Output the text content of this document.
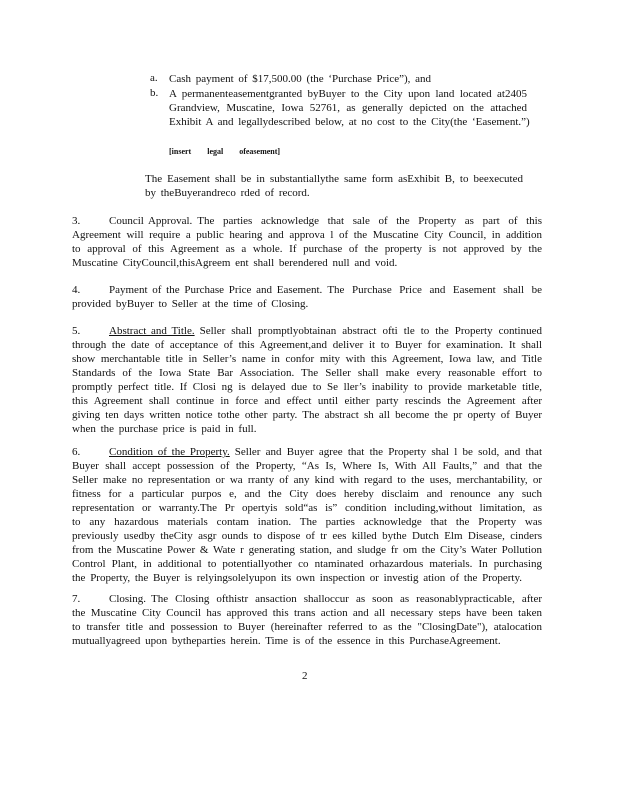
a. Cash payment of $17,500.00 (the ‘Purchase Price”), and
b. A permanenteasementgranted byBuyer to the City upon land located at2405
Grandview, Muscatine, Iowa 52761, as generally depicted on the attached
Exhibit A and legallydescribed below, at no cost to the City(the ‘Easement.”)
[insert legal ofeasement]
The Easement shall be in substantiallythe same form asExhibit B, to beexecuted
by theBuyerandreco rded of record.
3.	Council Approval. The parties acknowledge that sale of the Property as part of this
Agreement will require a public hearing and approva l of the Muscatine City Council, in addition
to approval of this Agreement as a whole. If purchase of the property is not approved by the
Muscatine CityCouncil,thisAgreem ent shall berendered null and void.
4.	Payment of the Purchase Price and Easement. The Purchase Price and Easement shall be
provided byBuyer to Seller at the time of Closing.
5.	Abstract and Title. Seller shall promptlyobtainan abstract ofti tle to the Property continued
through the date of acceptance of this Agreement,and deliver it to Buyer for examination. It shall
show merchantable title in Seller’s name in confor mity with this Agreement, Iowa law, and Title
Standards of the Iowa State Bar Association. The Seller shall make every reasonable effort to
promptly perfect title. If Closi ng is delayed due to Se ller’s inability to provide marketable title,
this Agreement shall continue in force and effect until either party rescinds the Agreement after
giving ten days written notice tothe other party. The abstract sh all become the pr operty of Buyer
when the purchase price is paid in full.
6.	Condition of the Property. Seller and Buyer agree that the Property shal l be sold, and that
Buyer shall accept possession of the Property, “As Is, Where Is, With All Faults,” and that the
Seller make no representation or wa rranty of any kind with regard to the uses, merchantability, or
fitness for a particular purpos e, and the City does hereby disclaim and renounce any such
representation or warranty.The Pr opertyis sold“as is” condition including,without limitation, as
to any hazardous materials contam ination. The parties acknowledge that the Property was
previously usedby theCity asgr ounds to dispose of tr ees killed bythe Dutch Elm Disease, cinders
from the Muscatine Power & Wate r generating station, and sludge fr om the City’s Water Pollution
Control Plant, in additional to potentiallyother co ntaminated orhazardous materials. In purchasing
the Property, the Buyer is relyingsolelyupon its own inspection or investig ation of the Property.
7.	Closing. The Closing ofthistr ansaction shalloccur as soon as reasonablypracticable, after
the Muscatine City Council has approved this trans action and all necessary steps have been taken
to transfer title and possession to Buyer (hereinafter referred to as the "ClosingDate"), atalocation
mutuallyagreed upon bytheparties herein. Time is of the essence in this PurchaseAgreement.
2
